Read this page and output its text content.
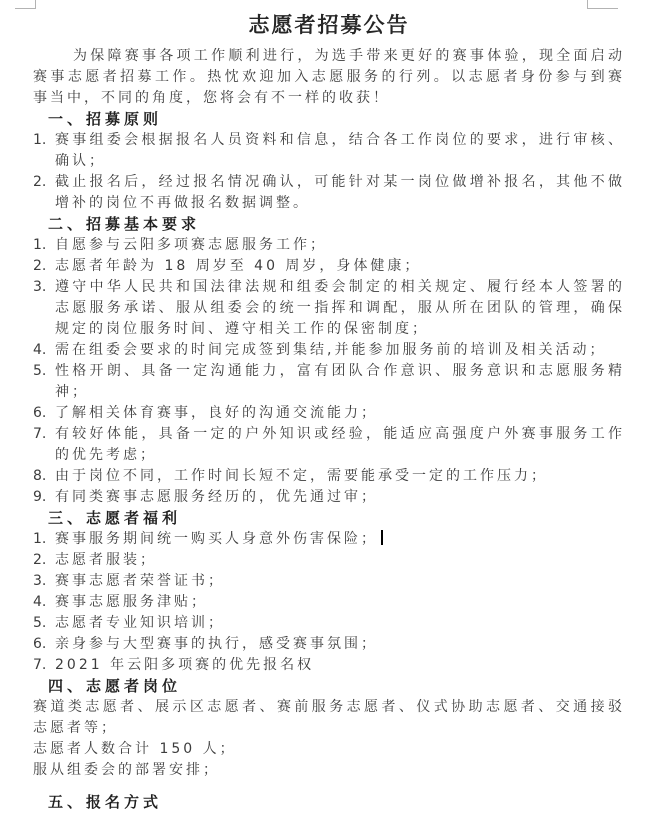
志愿者招募公告

为保障赛事各项工作顺利进行，为选手带来更好的赛事体验，现全面启动赛事志愿者招募工作。热忱欢迎加入志愿服务的行列。以志愿者身份参与到赛事当中，不同的角度，您将会有不一样的收获！

一、招募原则
1. 赛事组委会根据报名人员资料和信息，结合各工作岗位的要求，进行审核、确认；
2. 截止报名后，经过报名情况确认，可能针对某一岗位做增补报名，其他不做增补的岗位不再做报名数据调整。
二、招募基本要求
1. 自愿参与云阳多项赛志愿服务工作；
2. 志愿者年龄为 18 周岁至 40 周岁，身体健康；
3. 遵守中华人民共和国法律法规和组委会制定的相关规定、履行经本人签署的志愿服务承诺、服从组委会的统一指挥和调配，服从所在团队的管理，确保规定的岗位服务时间、遵守相关工作的保密制度；
4. 需在组委会要求的时间完成签到集结,并能参加服务前的培训及相关活动；
5. 性格开朗、具备一定沟通能力，富有团队合作意识、服务意识和志愿服务精神；
6. 了解相关体育赛事，良好的沟通交流能力；
7. 有较好体能，具备一定的户外知识或经验，能适应高强度户外赛事服务工作的优先考虑；
8. 由于岗位不同，工作时间长短不定，需要能承受一定的工作压力；
9. 有同类赛事志愿服务经历的，优先通过审；
三、志愿者福利
1. 赛事服务期间统一购买人身意外伤害保险；
2. 志愿者服装；
3. 赛事志愿者荣誉证书；
4. 赛事志愿服务津贴；
5. 志愿者专业知识培训；
6. 亲身参与大型赛事的执行，感受赛事氛围；
7. 2021 年云阳多项赛的优先报名权
四、志愿者岗位
赛道类志愿者、展示区志愿者、赛前服务志愿者、仪式协助志愿者、交通接驳志愿者等；
志愿者人数合计 150 人；
服从组委会的部署安排；
五、报名方式
